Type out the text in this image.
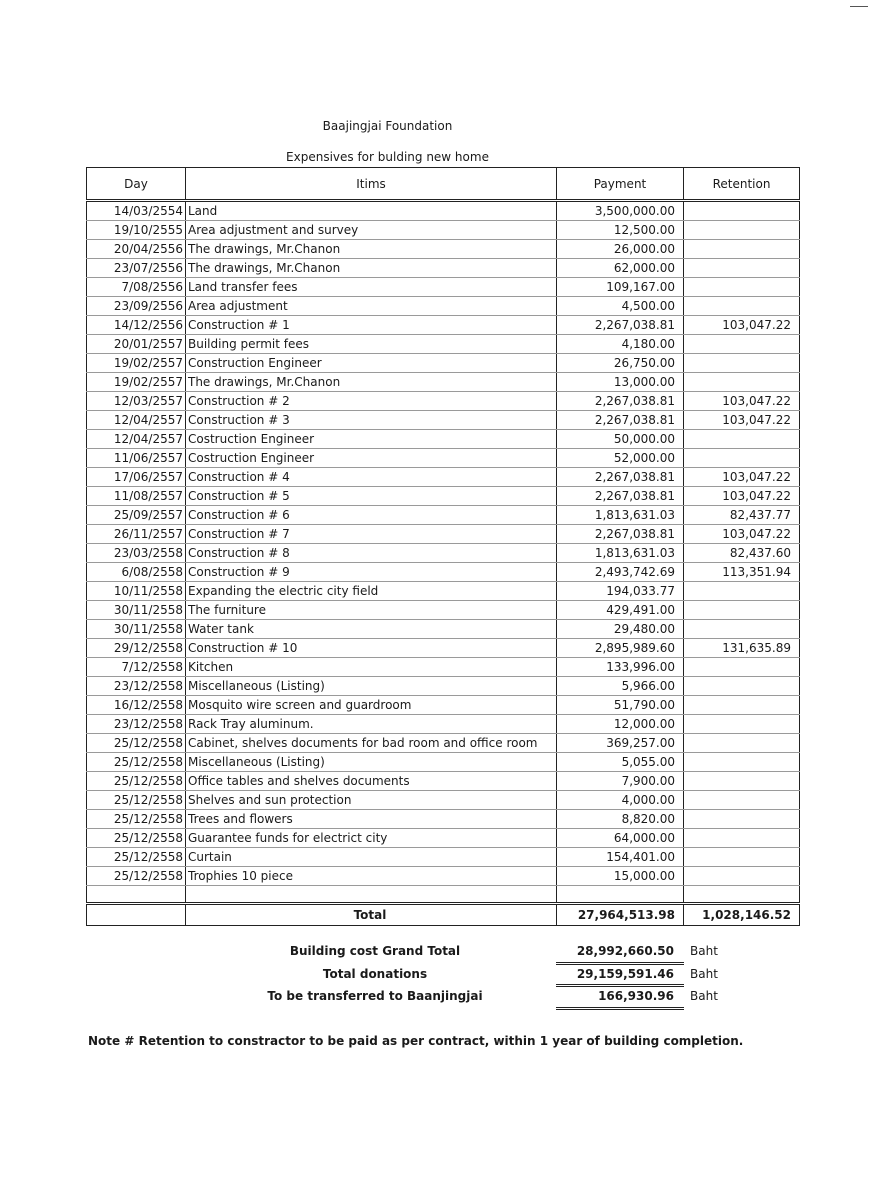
Baajingjai Foundation
Expensives for bulding new home
Day	Itims	Payment	Retention
14/03/2554	Land	3,500,000.00	
19/10/2555	Area adjustment and survey	12,500.00	
20/04/2556	The drawings, Mr.Chanon	26,000.00	
23/07/2556	The drawings, Mr.Chanon	62,000.00	
7/08/2556	Land transfer fees	109,167.00	
23/09/2556	Area adjustment	4,500.00	
14/12/2556	Construction # 1	2,267,038.81	103,047.22
20/01/2557	Building permit fees	4,180.00	
19/02/2557	Construction Engineer	26,750.00	
19/02/2557	The drawings, Mr.Chanon	13,000.00	
12/03/2557	Construction # 2	2,267,038.81	103,047.22
12/04/2557	Construction # 3	2,267,038.81	103,047.22
12/04/2557	Costruction Engineer	50,000.00	
11/06/2557	Costruction Engineer	52,000.00	
17/06/2557	Construction # 4	2,267,038.81	103,047.22
11/08/2557	Construction # 5	2,267,038.81	103,047.22
25/09/2557	Construction # 6	1,813,631.03	82,437.77
26/11/2557	Construction # 7	2,267,038.81	103,047.22
23/03/2558	Construction # 8	1,813,631.03	82,437.60
6/08/2558	Construction # 9	2,493,742.69	113,351.94
10/11/2558	Expanding the electric city field	194,033.77	
30/11/2558	The furniture	429,491.00	
30/11/2558	Water tank	29,480.00	
29/12/2558	Construction # 10	2,895,989.60	131,635.89
7/12/2558	Kitchen	133,996.00	
23/12/2558	Miscellaneous (Listing)	5,966.00	
16/12/2558	Mosquito wire screen and guardroom	51,790.00	
23/12/2558	Rack Tray aluminum.	12,000.00	
25/12/2558	Cabinet, shelves documents for bad room and office room	369,257.00	
25/12/2558	Miscellaneous (Listing)	5,055.00	
25/12/2558	Office tables and shelves documents	7,900.00	
25/12/2558	Shelves and sun protection	4,000.00	
25/12/2558	Trees and flowers	8,820.00	
25/12/2558	Guarantee funds for electrict city	64,000.00	
25/12/2558	Curtain	154,401.00	
25/12/2558	Trophies 10 piece	15,000.00	

	Total	27,964,513.98	1,028,146.52
Building cost Grand Total	28,992,660.50 Baht
Total donations	29,159,591.46 Baht
To be transferred to Baanjingjai	166,930.96 Baht
Note # Retention to constractor to be paid as per contract, within 1 year of building completion.
